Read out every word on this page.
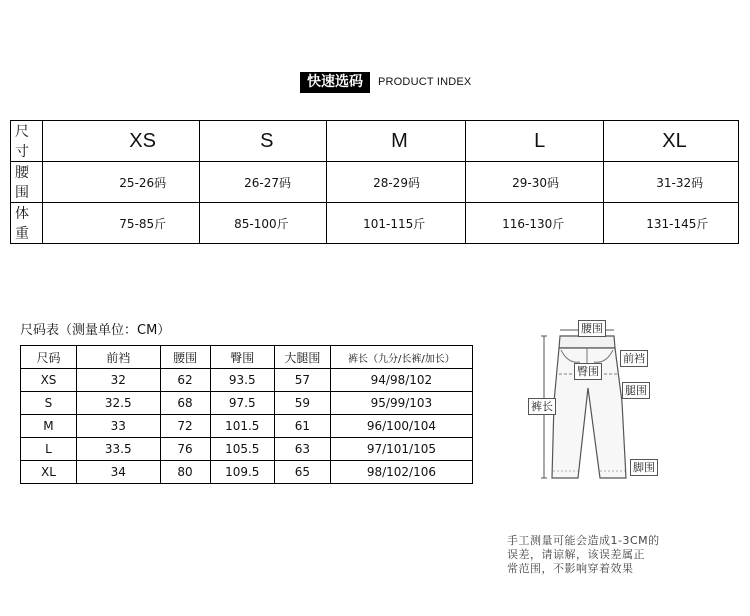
快速选码	PRODUCT INDEX
尺寸	XS	S	M	L	XL
腰围	25-26码	26-27码	28-29码	29-30码	31-32码
体重	75-85斤	85-100斤	101-115斤	116-130斤	131-145斤
尺码表（测量单位：CM）
尺码	前裆	腰围	臀围	大腿围	裤长（九分/长裤/加长）
XS	32	62	93.5	57	94/98/102
S	32.5	68	97.5	59	95/99/103
M	33	72	101.5	61	96/100/104
L	33.5	76	105.5	63	97/101/105
XL	34	80	109.5	65	98/102/106
腰围
前裆
臀围
腿围
裤长
脚围
手工测量可能会造成1-3CM的
误差，请谅解，该误差属正
常范围，不影响穿着效果
